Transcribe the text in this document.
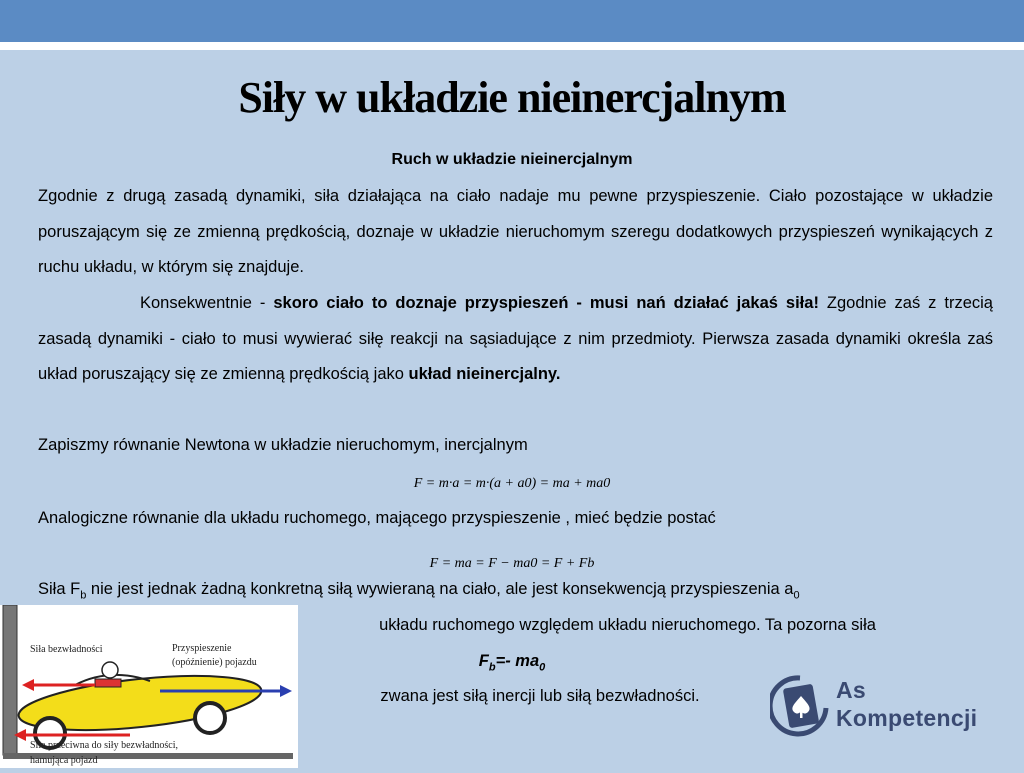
Siły w układzie nieinercjalnym
Ruch w układzie nieinercjalnym
Zgodnie z drugą zasadą dynamiki, siła działająca na ciało nadaje mu pewne przyspieszenie. Ciało pozostające w układzie poruszającym się ze zmienną prędkością, doznaje w układzie nieruchomym szeregu dodatkowych przyspieszeń wynikających z ruchu układu, w którym się znajduje.
Konsekwentnie - skoro ciało to doznaje przyspieszeń - musi nań działać jakaś siła! Zgodnie zaś z trzecią zasadą dynamiki - ciało to musi wywierać siłę reakcji na sąsiadujące z nim przedmioty. Pierwsza zasada dynamiki określa zaś układ poruszający się ze zmienną prędkością jako układ nieinercjalny.
Zapiszmy równanie Newtona w układzie nieruchomym, inercjalnym
F = m·a = m·(a + a0) = ma + ma0
Analogiczne równanie dla układu ruchomego, mającego przyspieszenie , mieć będzie postać
F = ma = F − ma0 = F + Fb
Siła $F_b$ nie jest jednak żadną konkretną siłą wywieraną na ciało, ale jest konsekwencją przyspieszenia $a_0$
układu ruchomego względem układu nieruchomego. Ta pozorna siła
$F_b=-$ $ma_0$
zwana jest siłą inercji lub siłą bezwładności.
Siła bezwładności	Przyspieszenie
(opóźnienie) pojazdu
Siła przeciwna do siły bezwładności,
hamująca pojazd
As
Kompetencji
